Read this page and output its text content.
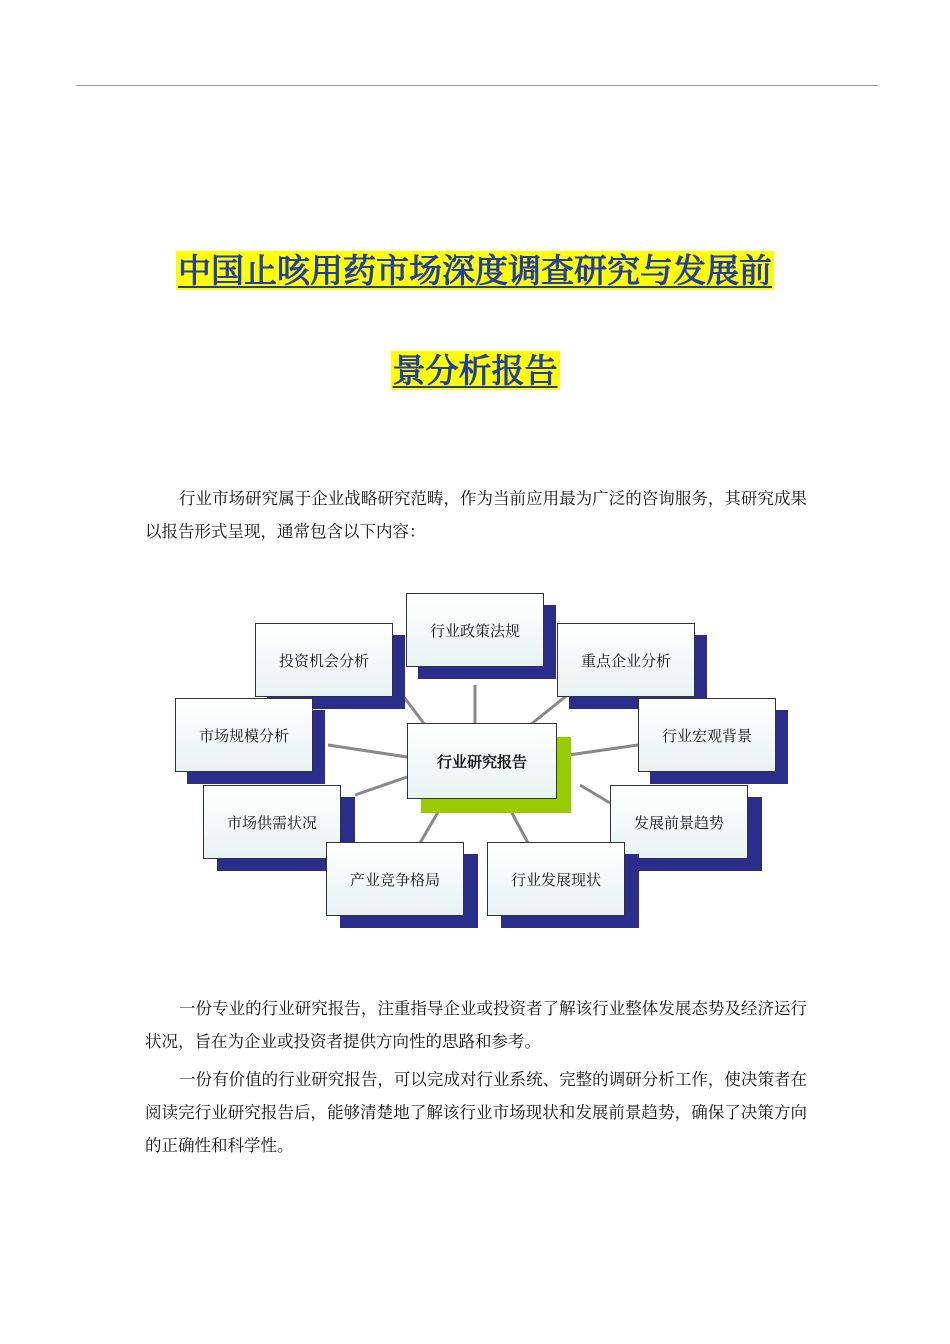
中国止咳用药市场深度调查研究与发展前
景分析报告

行业市场研究属于企业战略研究范畴，作为当前应用最为广泛的咨询服务，其研究成果以报告形式呈现，通常包含以下内容：

行业政策法规
投资机会分析	重点企业分析
市场规模分析	行业宏观背景
行业研究报告
市场供需状况	发展前景趋势
产业竞争格局	行业发展现状

一份专业的行业研究报告，注重指导企业或投资者了解该行业整体发展态势及经济运行状况，旨在为企业或投资者提供方向性的思路和参考。

一份有价值的行业研究报告，可以完成对行业系统、完整的调研分析工作，使决策者在阅读完行业研究报告后，能够清楚地了解该行业市场现状和发展前景趋势，确保了决策方向的正确性和科学性。
